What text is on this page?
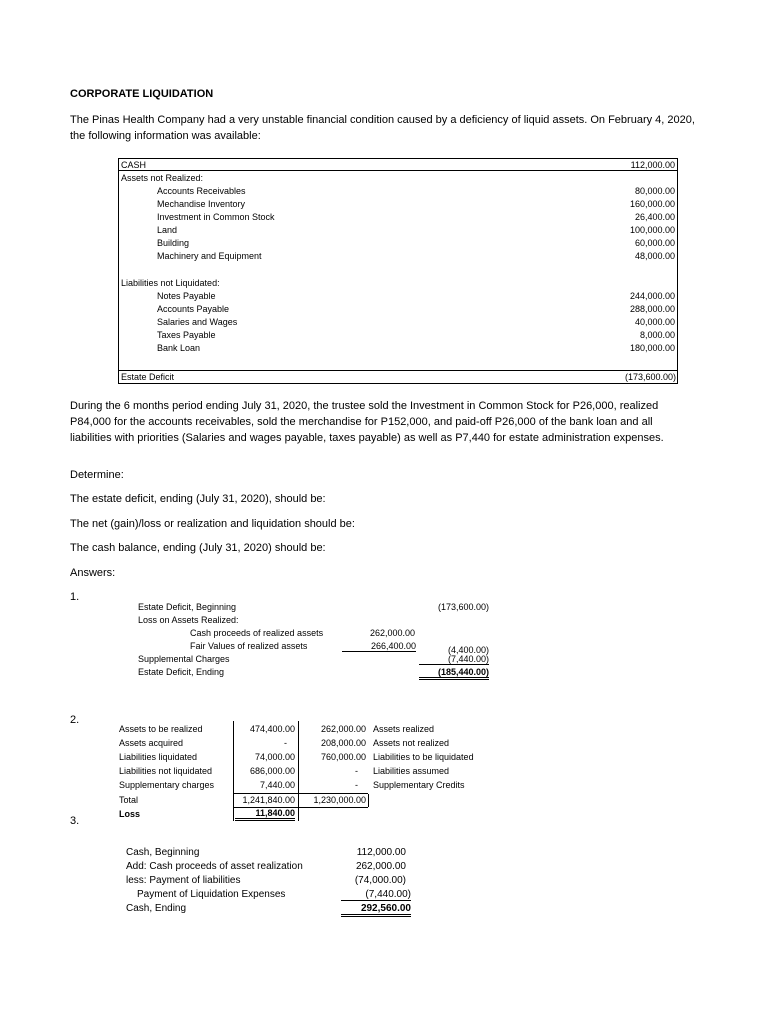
CORPORATE LIQUIDATION
The Pinas Health Company had a very unstable financial condition caused by a deficiency of liquid assets. On February 4, 2020, the following information was available:
CASH	112,000.00
Assets not Realized:
Accounts Receivables	80,000.00
Mechandise Inventory	160,000.00
Investment in Common Stock	26,400.00
Land	100,000.00
Building	60,000.00
Machinery and Equipment	48,000.00
Liabilities not Liquidated:
Notes Payable	244,000.00
Accounts Payable	288,000.00
Salaries and Wages	40,000.00
Taxes Payable	8,000.00
Bank Loan	180,000.00
Estate Deficit	(173,600.00)
During the 6 months period ending July 31, 2020, the trustee sold the Investment in Common Stock for P26,000, realized P84,000 for the accounts receivables, sold the merchandise for P152,000, and paid-off P26,000 of the bank loan and all liabilities with priorities (Salaries and wages payable, taxes payable) as well as P7,440 for estate administration expenses.
Determine:
The estate deficit, ending (July 31, 2020), should be:
The net (gain)/loss or realization and liquidation should be:
The cash balance, ending (July 31, 2020) should be:
Answers:
1.
Estate Deficit, Beginning	(173,600.00)
Loss on Assets Realized:
Cash proceeds of realized assets	262,000.00
Fair Values of realized assets	266,400.00	(4,400.00)
Supplemental Charges	(7,440.00)
Estate Deficit, Ending	(185,440.00)
2.
Assets to be realized	474,400.00	262,000.00 Assets realized
Assets acquired	-	208,000.00 Assets not realized
Liabilities liquidated	74,000.00	760,000.00 Liabilities to be liquidated
Liabilities not liquidated	686,000.00	- Liabilities assumed
Supplementary charges	7,440.00	- Supplementary Credits
Total	1,241,840.00 1,230,000.00
Loss	11,840.00
3.
Cash, Beginning	112,000.00
Add: Cash proceeds of asset realization	262,000.00
less: Payment of liabilities	(74,000.00)
Payment of Liquidation Expenses	(7,440.00)
Cash, Ending	292,560.00
